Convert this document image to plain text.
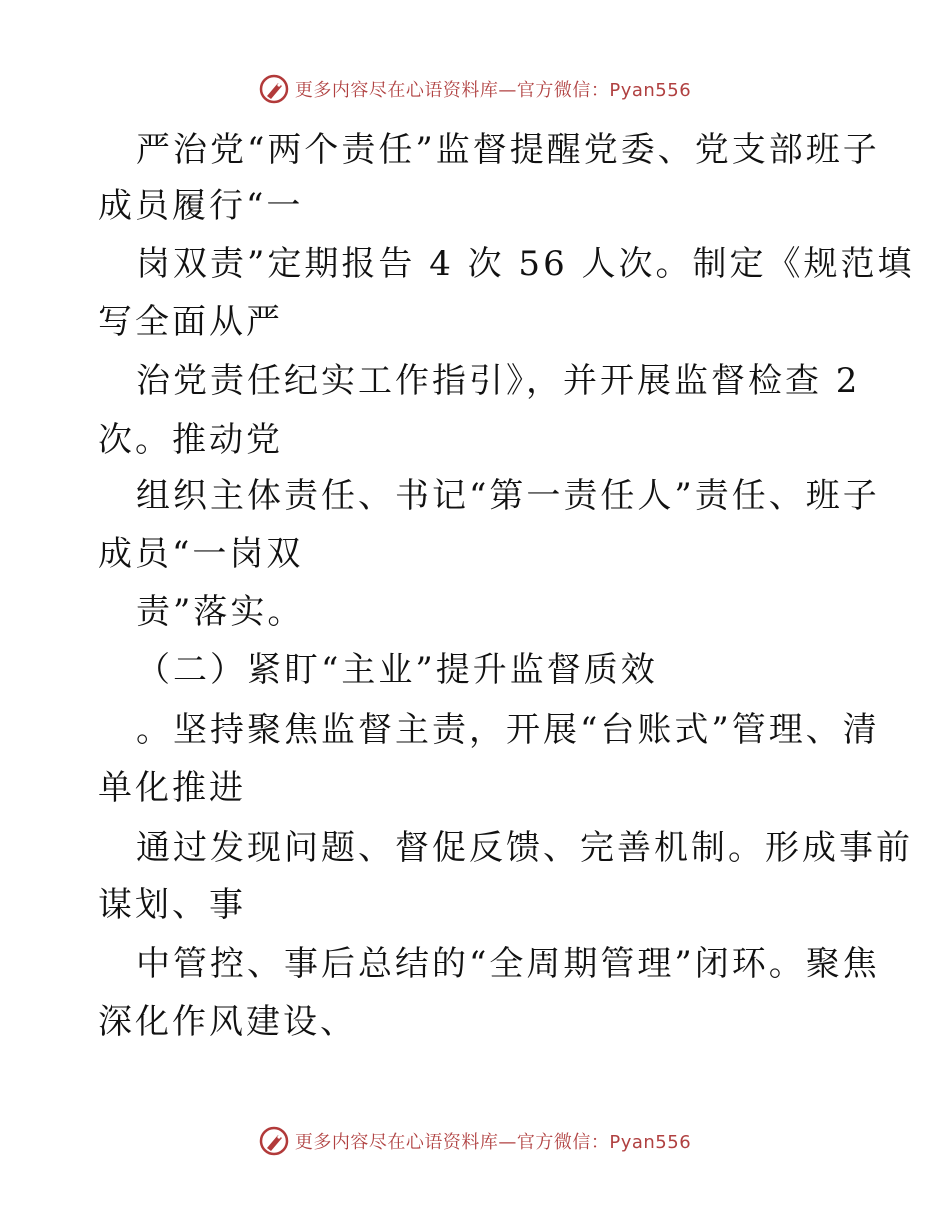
更多内容尽在心语资料库—官方微信：Pyan556
严治党“两个责任”监督提醒党委、党支部班子
成员履行“一
岗双责”定期报告 4 次 56 人次。制定《规范填
写全面从严
治党责任纪实工作指引》，并开展监督检查 2
次。推动党
组织主体责任、书记“第一责任人”责任、班子
成员“一岗双
责”落实。
（二）紧盯“主业”提升监督质效
。坚持聚焦监督主责，开展“台账式”管理、清
单化推进
通过发现问题、督促反馈、完善机制。形成事前
谋划、事
中管控、事后总结的“全周期管理”闭环。聚焦
深化作风建设、
更多内容尽在心语资料库—官方微信：Pyan556
